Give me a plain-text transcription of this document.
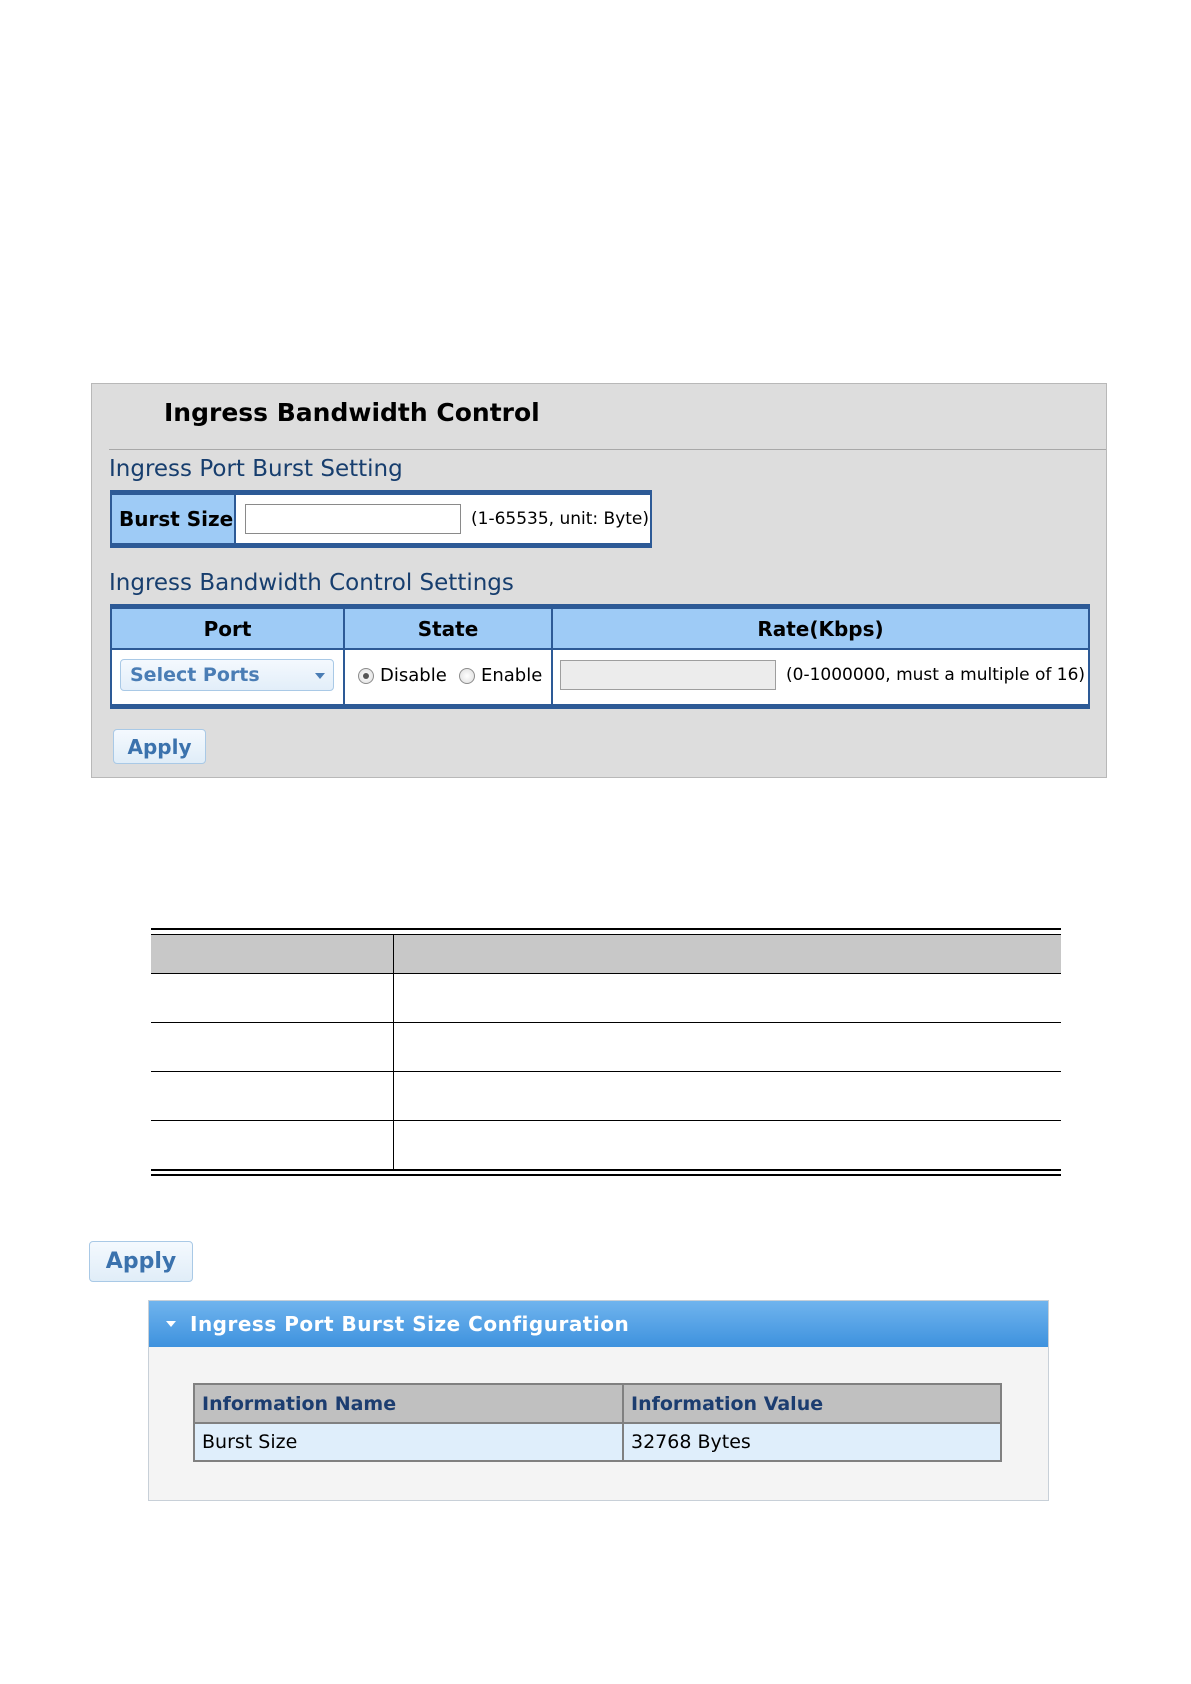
Ingress Bandwidth Control
Ingress Port Burst Setting
Burst Size	(1-65535, unit: Byte)
Ingress Bandwidth Control Settings
Port	State	Rate(Kbps)
Select Ports	Disable Enable	(0-1000000, must a multiple of 16)
Apply
Apply
Ingress Port Burst Size Configuration
Information Name	Information Value
Burst Size	32768 Bytes
